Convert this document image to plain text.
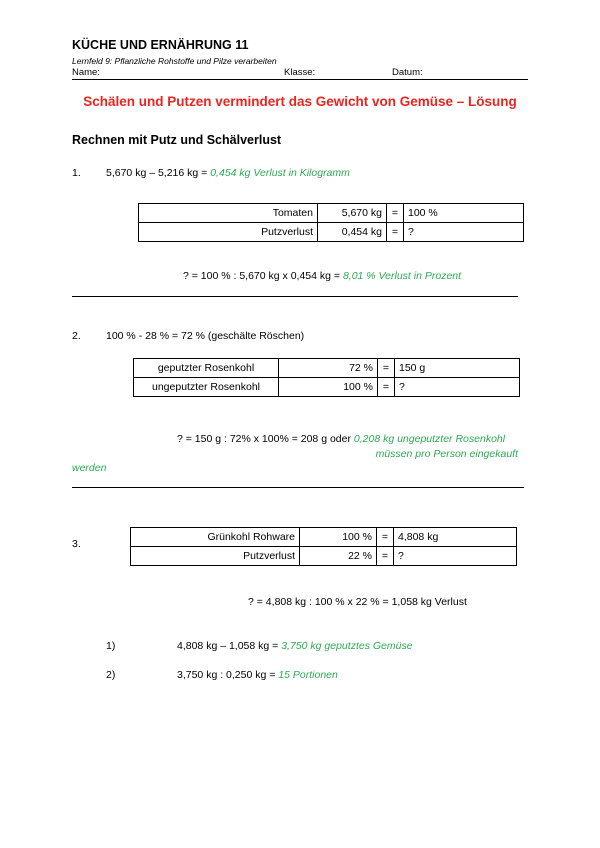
KÜCHE UND ERNÄHRUNG 11
Lernfeld 9: Pflanzliche Rohstoffe und Pilze verarbeiten
Name:	Klasse:	Datum:
Schälen und Putzen vermindert das Gewicht von Gemüse – Lösung
Rechnen mit Putz und Schälverlust
1. 5,670 kg – 5,216 kg = 0,454 kg Verlust in Kilogramm
Tomaten	5,670 kg	=	100 %
Putzverlust	0,454 kg	=	?
? = 100 % : 5,670 kg x 0,454 kg = 8,01 % Verlust in Prozent
2. 100 % - 28 % = 72 % (geschälte Röschen)
geputzter Rosenkohl	72 %	=	150 g
ungeputzter Rosenkohl	100 %	=	?
? = 150 g : 72% x 100% = 208 g oder 0,208 kg ungeputzter Rosenkohl
müssen pro Person eingekauft
werden
3.
Grünkohl Rohware	100 %	=	4,808 kg
Putzverlust	22 %	=	?
? = 4,808 kg : 100 % x 22 % = 1,058 kg Verlust
1)	4,808 kg – 1,058 kg = 3,750 kg geputztes Gemüse
2)	3,750 kg : 0,250 kg = 15 Portionen
